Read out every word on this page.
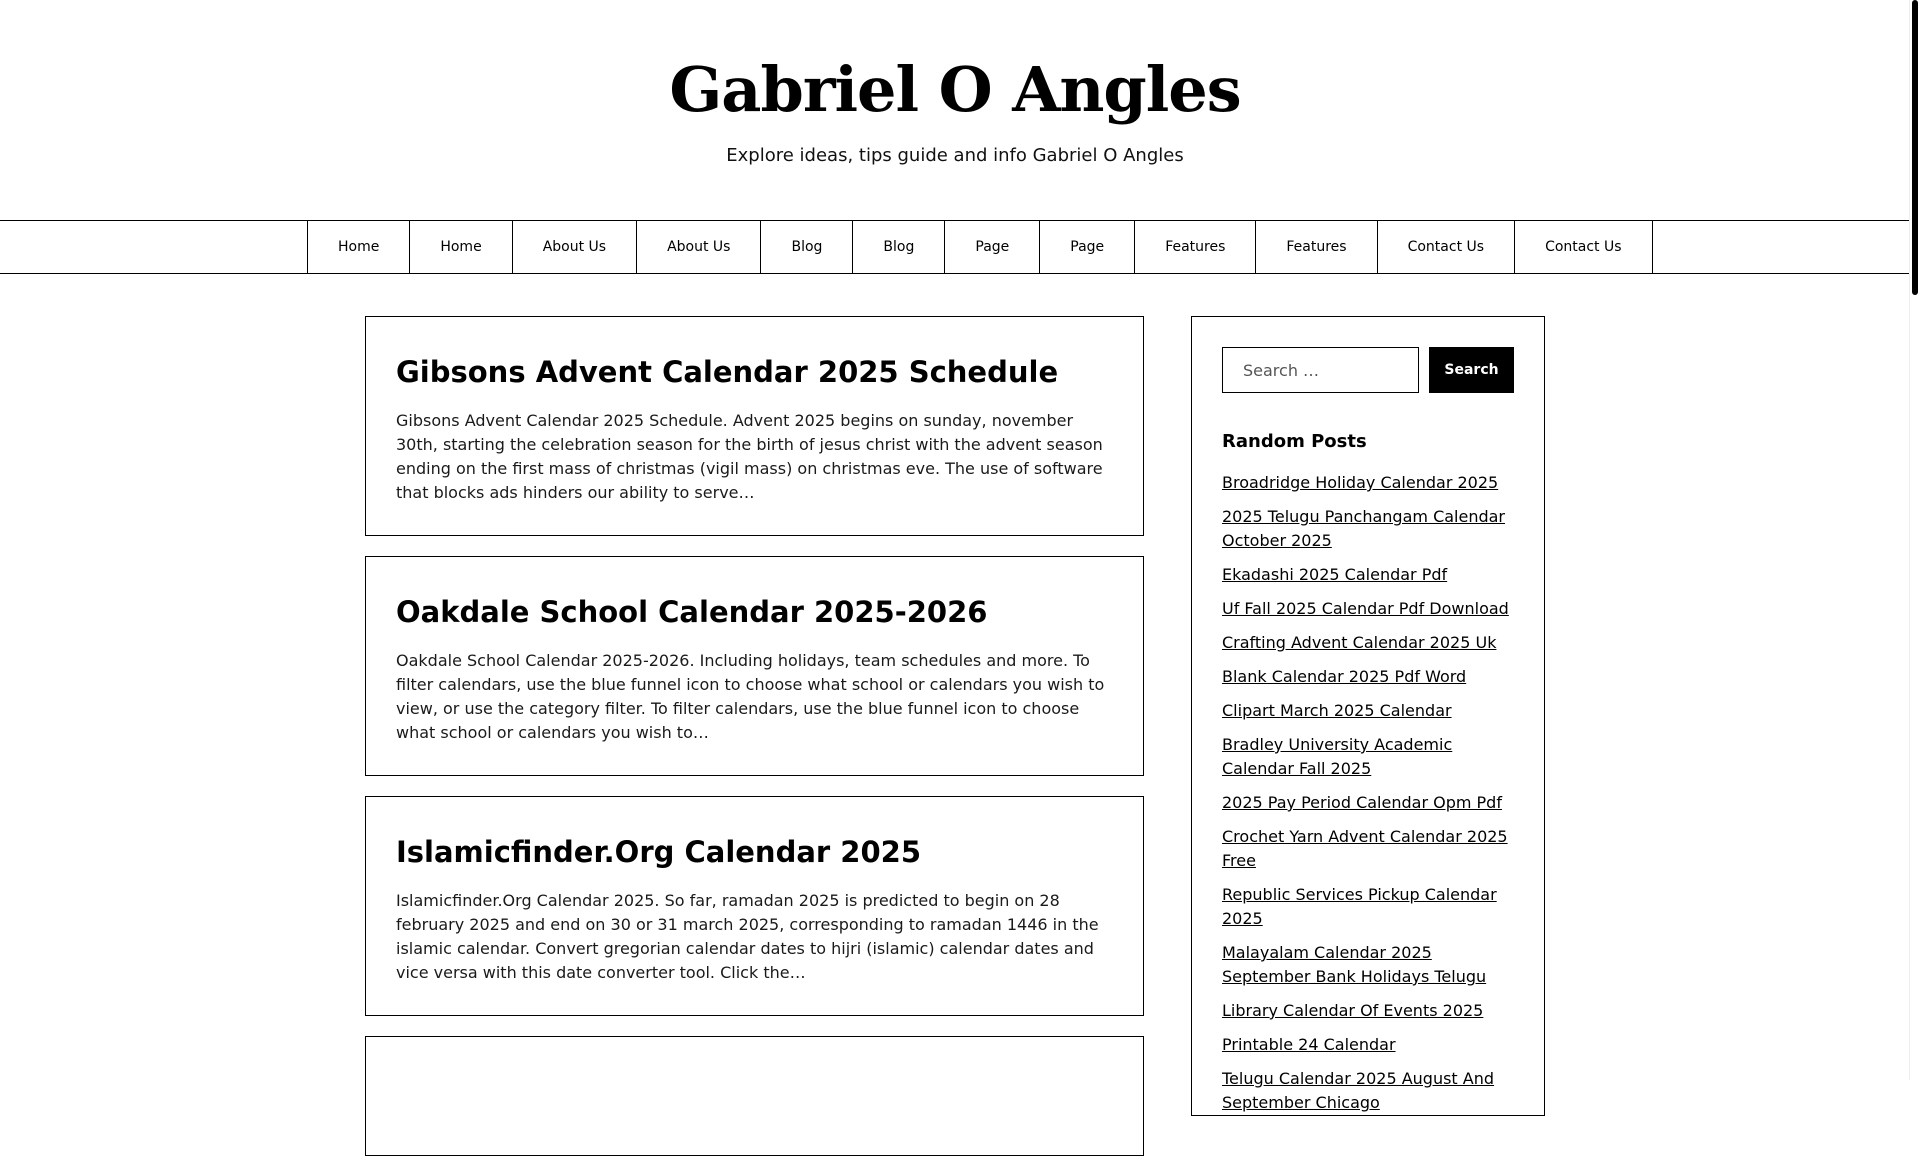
Gabriel O Angles
Explore ideas, tips guide and info Gabriel O Angles
Home	Home	About Us	About Us	Blog	Blog	Page	Page	Features	Features	Contact Us	Contact Us
Gibsons Advent Calendar 2025 Schedule

Gibsons Advent Calendar 2025 Schedule. Advent 2025 begins on sunday, november 30th, starting the celebration season for the birth of jesus christ with the advent season ending on the first mass of christmas (vigil mass) on christmas eve. The use of software that blocks ads hinders our ability to serve…

Oakdale School Calendar 2025-2026

Oakdale School Calendar 2025-2026. Including holidays, team schedules and more. To filter calendars, use the blue funnel icon to choose what school or calendars you wish to view, or use the category filter. To filter calendars, use the blue funnel icon to choose what school or calendars you wish to…

Islamicfinder.Org Calendar 2025

Islamicfinder.Org Calendar 2025. So far, ramadan 2025 is predicted to begin on 28 february 2025 and end on 30 or 31 march 2025, corresponding to ramadan 1446 in the islamic calendar. Convert gregorian calendar dates to hijri (islamic) calendar dates and vice versa with this date converter tool. Click the…

Search …
Search
Random Posts
Broadridge Holiday Calendar 2025
2025 Telugu Panchangam Calendar October 2025
Ekadashi 2025 Calendar Pdf
Uf Fall 2025 Calendar Pdf Download
Crafting Advent Calendar 2025 Uk
Blank Calendar 2025 Pdf Word
Clipart March 2025 Calendar
Bradley University Academic Calendar Fall 2025
2025 Pay Period Calendar Opm Pdf
Crochet Yarn Advent Calendar 2025 Free
Republic Services Pickup Calendar 2025
Malayalam Calendar 2025 September Bank Holidays Telugu
Library Calendar Of Events 2025
Printable 24 Calendar
Telugu Calendar 2025 August And September Chicago
